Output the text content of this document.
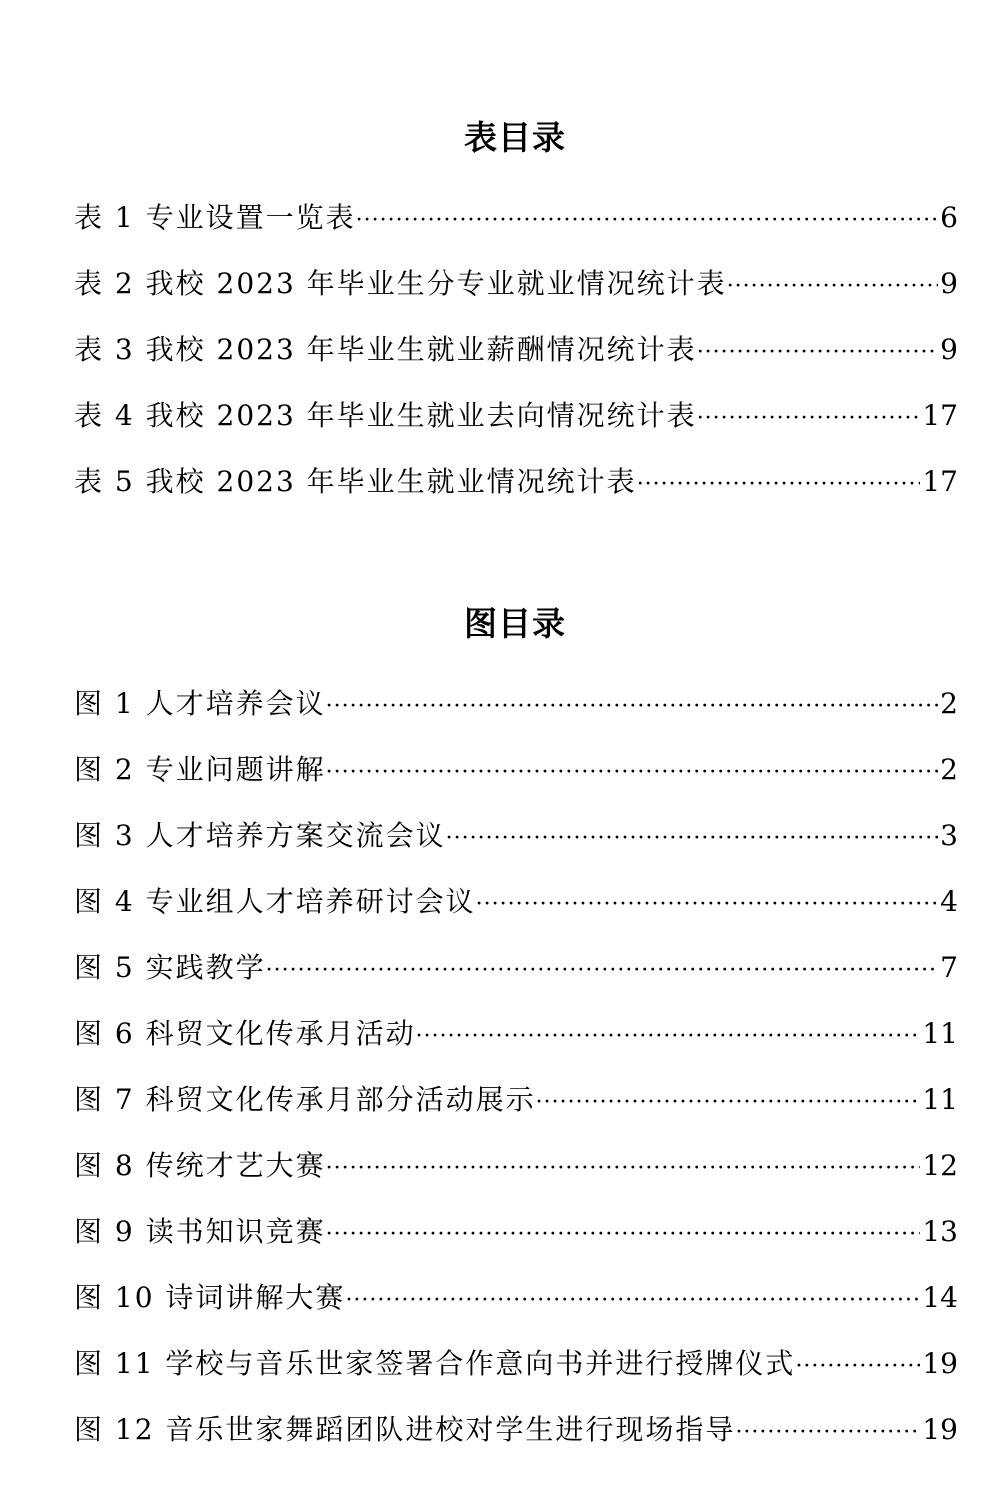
表目录
表 1 专业设置一览表 ·····	6
表 2 我校 2023 年毕业生分专业就业情况统计表 ·····	9
表 3 我校 2023 年毕业生就业薪酬情况统计表 ·····	9
表 4 我校 2023 年毕业生就业去向情况统计表 ·····	17
表 5 我校 2023 年毕业生就业情况统计表 ·····	17
图目录
图 1 人才培养会议 ·····	2
图 2 专业问题讲解 ·····	2
图 3 人才培养方案交流会议 ·····	3
图 4 专业组人才培养研讨会议 ·····	4
图 5 实践教学 ·····	7
图 6 科贸文化传承月活动 ·····	11
图 7 科贸文化传承月部分活动展示 ·····	11
图 8 传统才艺大赛 ·····	12
图 9 读书知识竞赛 ·····	13
图 10 诗词讲解大赛 ·····	14
图 11 学校与音乐世家签署合作意向书并进行授牌仪式 ·····	19
图 12 音乐世家舞蹈团队进校对学生进行现场指导 ·····	19
